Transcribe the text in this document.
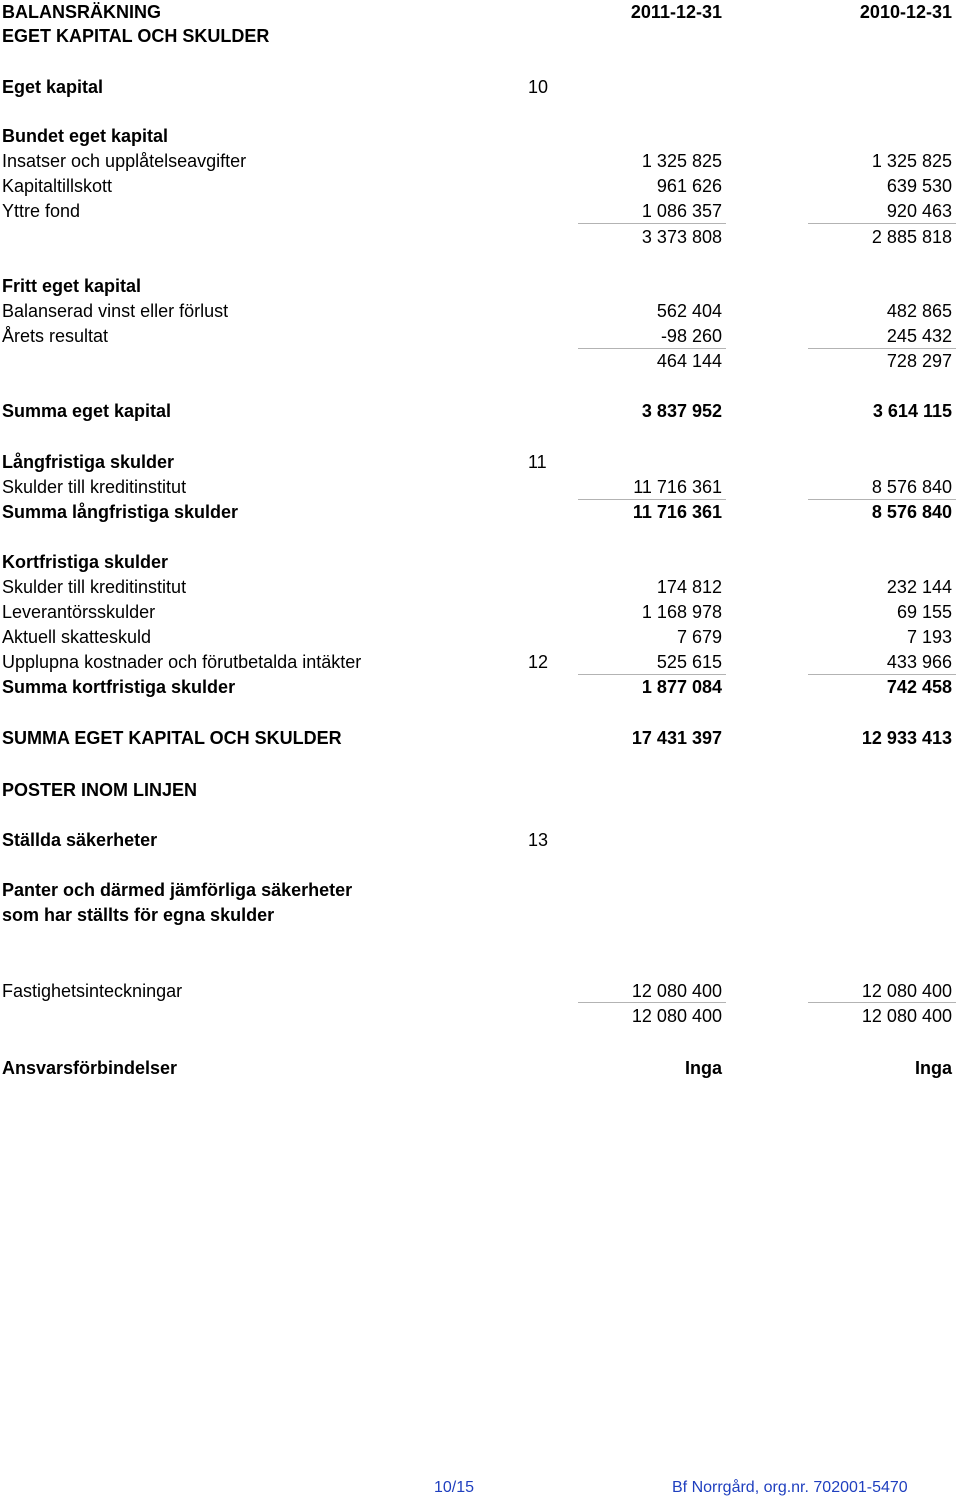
BALANSRÄKNING	2011-12-31	2010-12-31
EGET KAPITAL OCH SKULDER
Eget kapital	10
Bundet eget kapital
Insatser och upplåtelseavgifter	1 325 825	1 325 825
Kapitaltillskott	961 626	639 530
Yttre fond	1 086 357	920 463
3 373 808	2 885 818
Fritt eget kapital
Balanserad vinst eller förlust	562 404	482 865
Årets resultat	-98 260	245 432
464 144	728 297
Summa eget kapital	3 837 952	3 614 115
Långfristiga skulder	11
Skulder till kreditinstitut	11 716 361	8 576 840
Summa långfristiga skulder	11 716 361	8 576 840
Kortfristiga skulder
Skulder till kreditinstitut	174 812	232 144
Leverantörsskulder	1 168 978	69 155
Aktuell skatteskuld	7 679	7 193
Upplupna kostnader och förutbetalda intäkter	12	525 615	433 966
Summa kortfristiga skulder	1 877 084	742 458
SUMMA EGET KAPITAL OCH SKULDER	17 431 397	12 933 413
POSTER INOM LINJEN
Ställda säkerheter	13
Panter och därmed jämförliga säkerheter
som har ställts för egna skulder
Fastighetsinteckningar	12 080 400	12 080 400
12 080 400	12 080 400
Ansvarsförbindelser	Inga	Inga
10/15	Bf Norrgård, org.nr. 702001-5470
